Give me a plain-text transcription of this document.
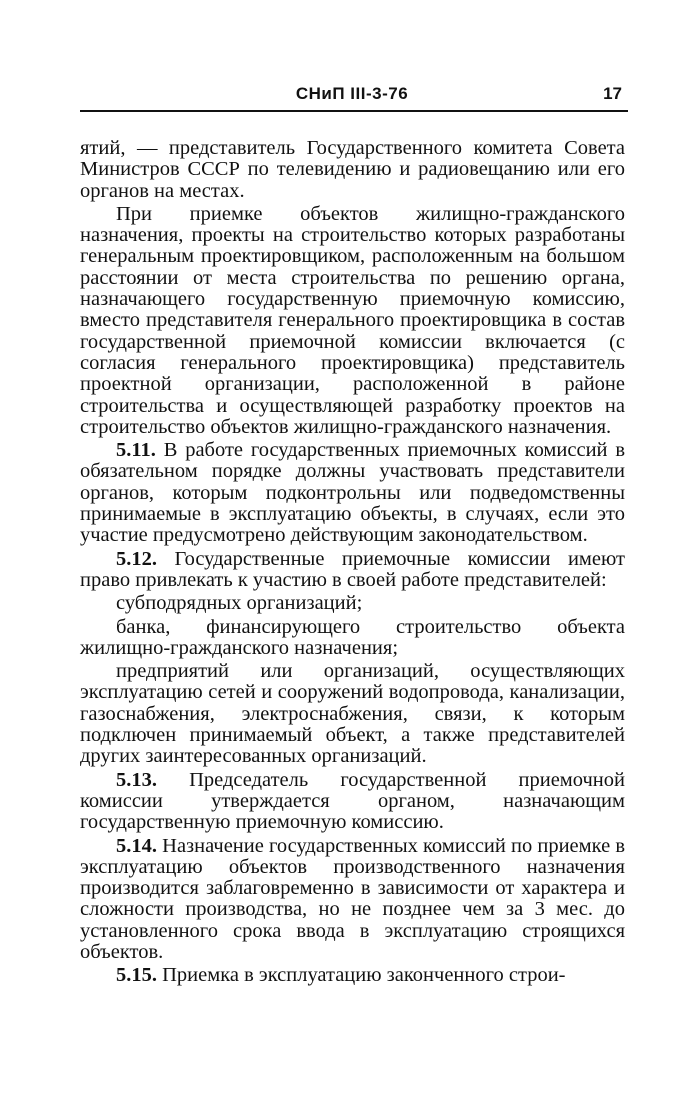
СНиП III-3-76	17

ятий, — представитель Государственного комитета Совета Министров СССР по телевидению и радиовещанию или его органов на местах.

При приемке объектов жилищно-гражданского назначения, проекты на строительство которых разработаны генеральным проектировщиком, расположенным на большом расстоянии от места строительства по решению органа, назначающего государственную приемочную комиссию, вместо представителя генерального проектировщика в состав государственной приемочной комиссии включается (с согласия генерального проектировщика) представитель проектной организации, расположенной в районе строительства и осуществляющей разработку проектов на строительство объектов жилищно-гражданского назначения.

5.11. В работе государственных приемочных комиссий в обязательном порядке должны участвовать представители органов, которым подконтрольны или подведомственны принимаемые в эксплуатацию объекты, в случаях, если это участие предусмотрено действующим законодательством.

5.12. Государственные приемочные комиссии имеют право привлекать к участию в своей работе представителей:

субподрядных организаций;

банка, финансирующего строительство объекта жилищно-гражданского назначения;

предприятий или организаций, осуществляющих эксплуатацию сетей и сооружений водопровода, канализации, газоснабжения, электроснабжения, связи, к которым подключен принимаемый объект, а также представителей других заинтересованных организаций.

5.13. Председатель государственной приемочной комиссии утверждается органом, назначающим государственную приемочную комиссию.

5.14. Назначение государственных комиссий по приемке в эксплуатацию объектов производственного назначения производится заблаговременно в зависимости от характера и сложности производства, но не позднее чем за 3 мес. до установленного срока ввода в эксплуатацию строящихся объектов.

5.15. Приемка в эксплуатацию законченного строи-
